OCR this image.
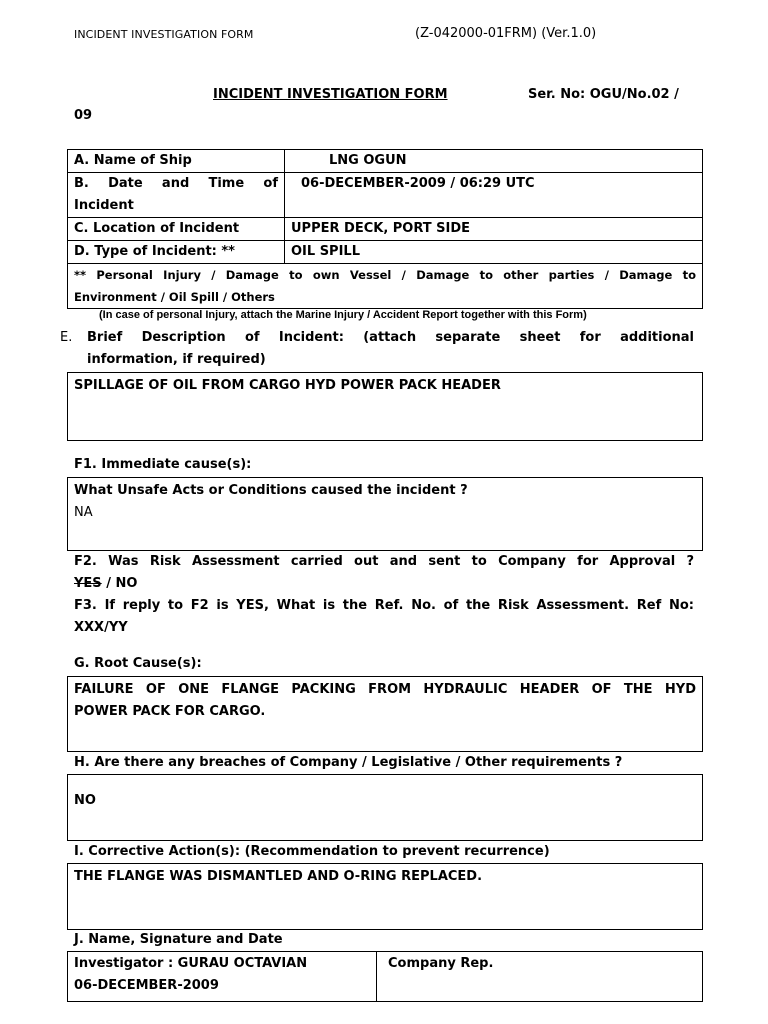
INCIDENT INVESTIGATION FORM	(Z-042000-01FRM) (Ver.1.0)
INCIDENT INVESTIGATION FORM	Ser. No: OGU/No.02 /
09
A. Name of Ship	LNG OGUN

B. Date and Time of
Incident	06-DECEMBER-2009 / 06:29 UTC
C. Location of Incident	UPPER DECK, PORT SIDE
D. Type of Incident: **	OIL SPILL

** Personal Injury / Damage to own Vessel / Damage to other parties / Damage to
Environment / Oil Spill / Others	
(In case of personal Injury, attach the Marine Injury / Accident Report together with this Form)
E. Brief Description of Incident: (attach separate sheet for additional
information, if required)
SPILLAGE OF OIL FROM CARGO HYD POWER PACK HEADER
F1. Immediate cause(s):
What Unsafe Acts or Conditions caused the incident ?
NA
F2. Was Risk Assessment carried out and sent to Company for Approval ?
YES / NO
F3. If reply to F2 is YES, What is the Ref. No. of the Risk Assessment. Ref No:
XXX/YY
G. Root Cause(s):
FAILURE OF ONE FLANGE PACKING FROM HYDRAULIC HEADER OF THE HYD
POWER PACK FOR CARGO.
H. Are there any breaches of Company / Legislative / Other requirements ?
NO
I. Corrective Action(s): (Recommendation to prevent recurrence)
THE FLANGE WAS DISMANTLED AND O-RING REPLACED.
J. Name, Signature and Date
Investigator : GURAU OCTAVIAN
06-DECEMBER-2009
	Company Rep.
